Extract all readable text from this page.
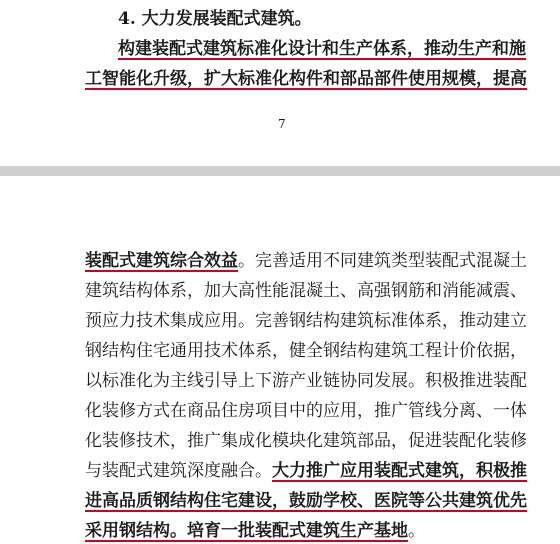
4. 大力发展装配式建筑。
构建装配式建筑标准化设计和生产体系，推动生产和施
工智能化升级，扩大标准化构件和部品部件使用规模，提高
7
装配式建筑综合效益。完善适用不同建筑类型装配式混凝土
建筑结构体系，加大高性能混凝土、高强钢筋和消能减震、
预应力技术集成应用。完善钢结构建筑标准体系，推动建立
钢结构住宅通用技术体系，健全钢结构建筑工程计价依据，
以标准化为主线引导上下游产业链协同发展。积极推进装配
化装修方式在商品住房项目中的应用，推广管线分离、一体
化装修技术，推广集成化模块化建筑部品，促进装配化装修
与装配式建筑深度融合。大力推广应用装配式建筑，积极推
进高品质钢结构住宅建设，鼓励学校、医院等公共建筑优先
采用钢结构。培育一批装配式建筑生产基地。
